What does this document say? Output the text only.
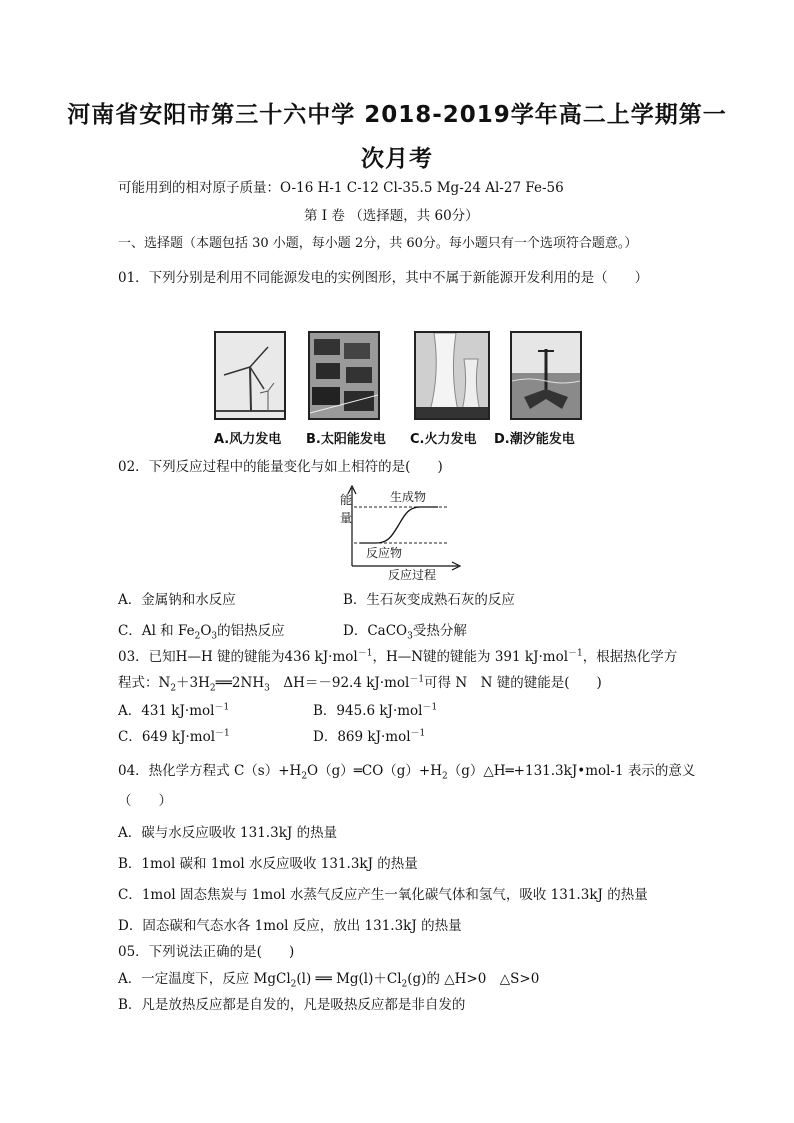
河南省安阳市第三十六中学 2018-2019学年高二上学期第一
次月考
可能用到的相对原子质量：O-16 H-1 C-12 Cl-35.5 Mg-24 Al-27 Fe-56
第 I 卷 （选择题，共 60分）
一、选择题（本题包括 30 小题，每小题 2分，共 60分。每小题只有一个选项符合题意。）
01．下列分别是利用不同能源发电的实例图形，其中不属于新能源开发利用的是（　　）
A.风力发电 B.太阳能发电 C.火力发电 D.潮汐能发电
02．下列反应过程中的能量变化与如上相符的是(　　)
能
量
生成物
反应物
反应过程
A．金属钠和水反应	B．生石灰变成熟石灰的反应
C．Al 和 $Fe_2O_3$的铝热反应	D．CaCO$_3$受热分解
03．已知H—H 键的键能为436 kJ·mol$^{-1}$，H—N键的键能为 391 kJ·mol$^{-1}$，根据热化学方
程式：$N_2+3H_2══2NH_3$　ΔH＝－92.4 kJ·mol$^{-1}$可得 N　N 键的键能是(　　)
A．431 kJ·mol$^{-1}$	B．945.6 kJ·mol$^{-1}$
C．649 kJ·mol$^{-1}$	D．869 kJ·mol$^{-1}$
04．热化学方程式 $C(s)+H_2O(g)═CO(g)+H_2(g)\triangle H═+131.3kJ•mol-1$ 表示的意义
（　　）
A．碳与水反应吸收 131.3kJ 的热量
B．1mol 碳和 1mol 水反应吸收 131.3kJ 的热量
C．1mol 固态焦炭与 1mol 水蒸气反应产生一氧化碳气体和氢气，吸收 131.3kJ 的热量
D．固态碳和气态水各 1mol 反应，放出 131.3kJ 的热量
05．下列说法正确的是(　　)
A．一定温度下，反应 MgCl$_2$(l) ══ $Mg(l)+Cl_2(g)$的 △H>0　△S>0
B．凡是放热反应都是自发的，凡是吸热反应都是非自发的
